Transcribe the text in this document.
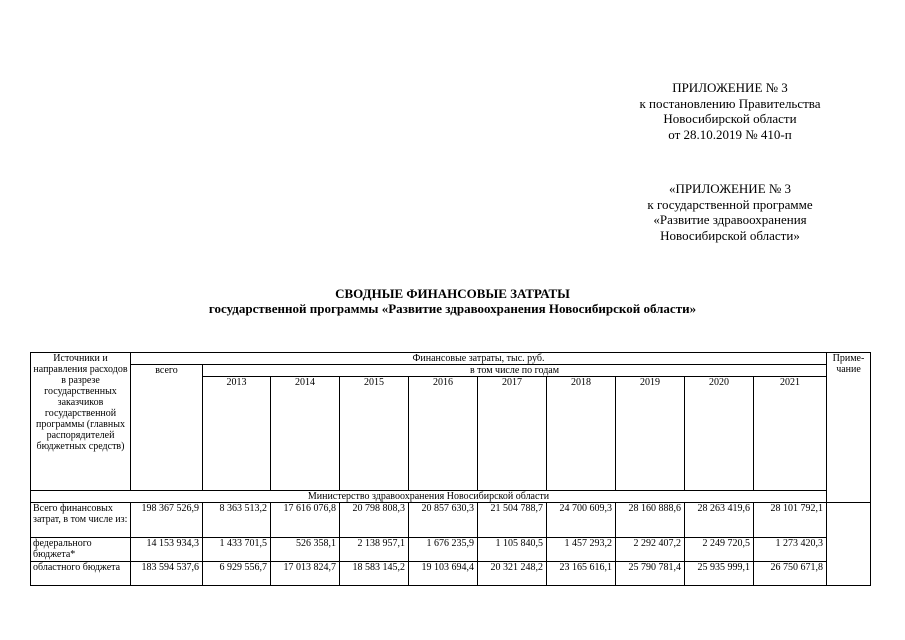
ПРИЛОЖЕНИЕ № 3
к постановлению Правительства
Новосибирской области
от 28.10.2019 № 410-п
«ПРИЛОЖЕНИЕ № 3
к государственной программе
«Развитие здравоохранения
Новосибирской области»
СВОДНЫЕ ФИНАНСОВЫЕ ЗАТРАТЫ
государственной программы «Развитие здравоохранения Новосибирской области»
Источники и направления расходов в разрезе государственных заказчиков государственной программы (главных распорядителей бюджетных средств)	Финансовые затраты, тыс. руб.										Приме-чание
	всего	в том числе по годам									
		2013	2014	2015	2016	2017	2018	2019	2020	2021	
Министерство здравоохранения Новосибирской области											
Всего финансовых затрат, в том числе из:	198 367 526,9	8 363 513,2	17 616 076,8	20 798 808,3	20 857 630,3	21 504 788,7	24 700 609,3	28 160 888,6	28 263 419,6	28 101 792,1	
федерального бюджета*	14 153 934,3	1 433 701,5	526 358,1	2 138 957,1	1 676 235,9	1 105 840,5	1 457 293,2	2 292 407,2	2 249 720,5	1 273 420,3	
областного бюджета	183 594 537,6	6 929 556,7	17 013 824,7	18 583 145,2	19 103 694,4	20 321 248,2	23 165 616,1	25 790 781,4	25 935 999,1	26 750 671,8	
